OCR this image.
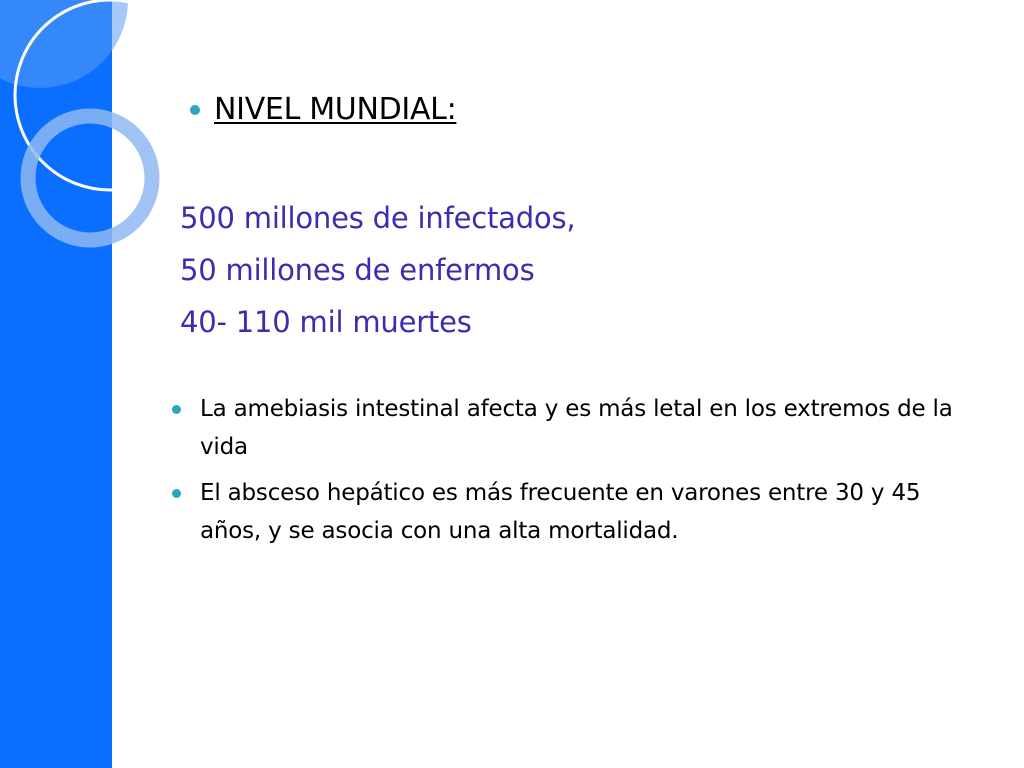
NIVEL MUNDIAL:
500 millones de infectados,
50 millones de enfermos
40- 110 mil muertes
La amebiasis intestinal afecta y es más letal en los extremos de la vida
El absceso hepático es más frecuente en varones entre 30 y 45 años, y se asocia con una alta mortalidad.
